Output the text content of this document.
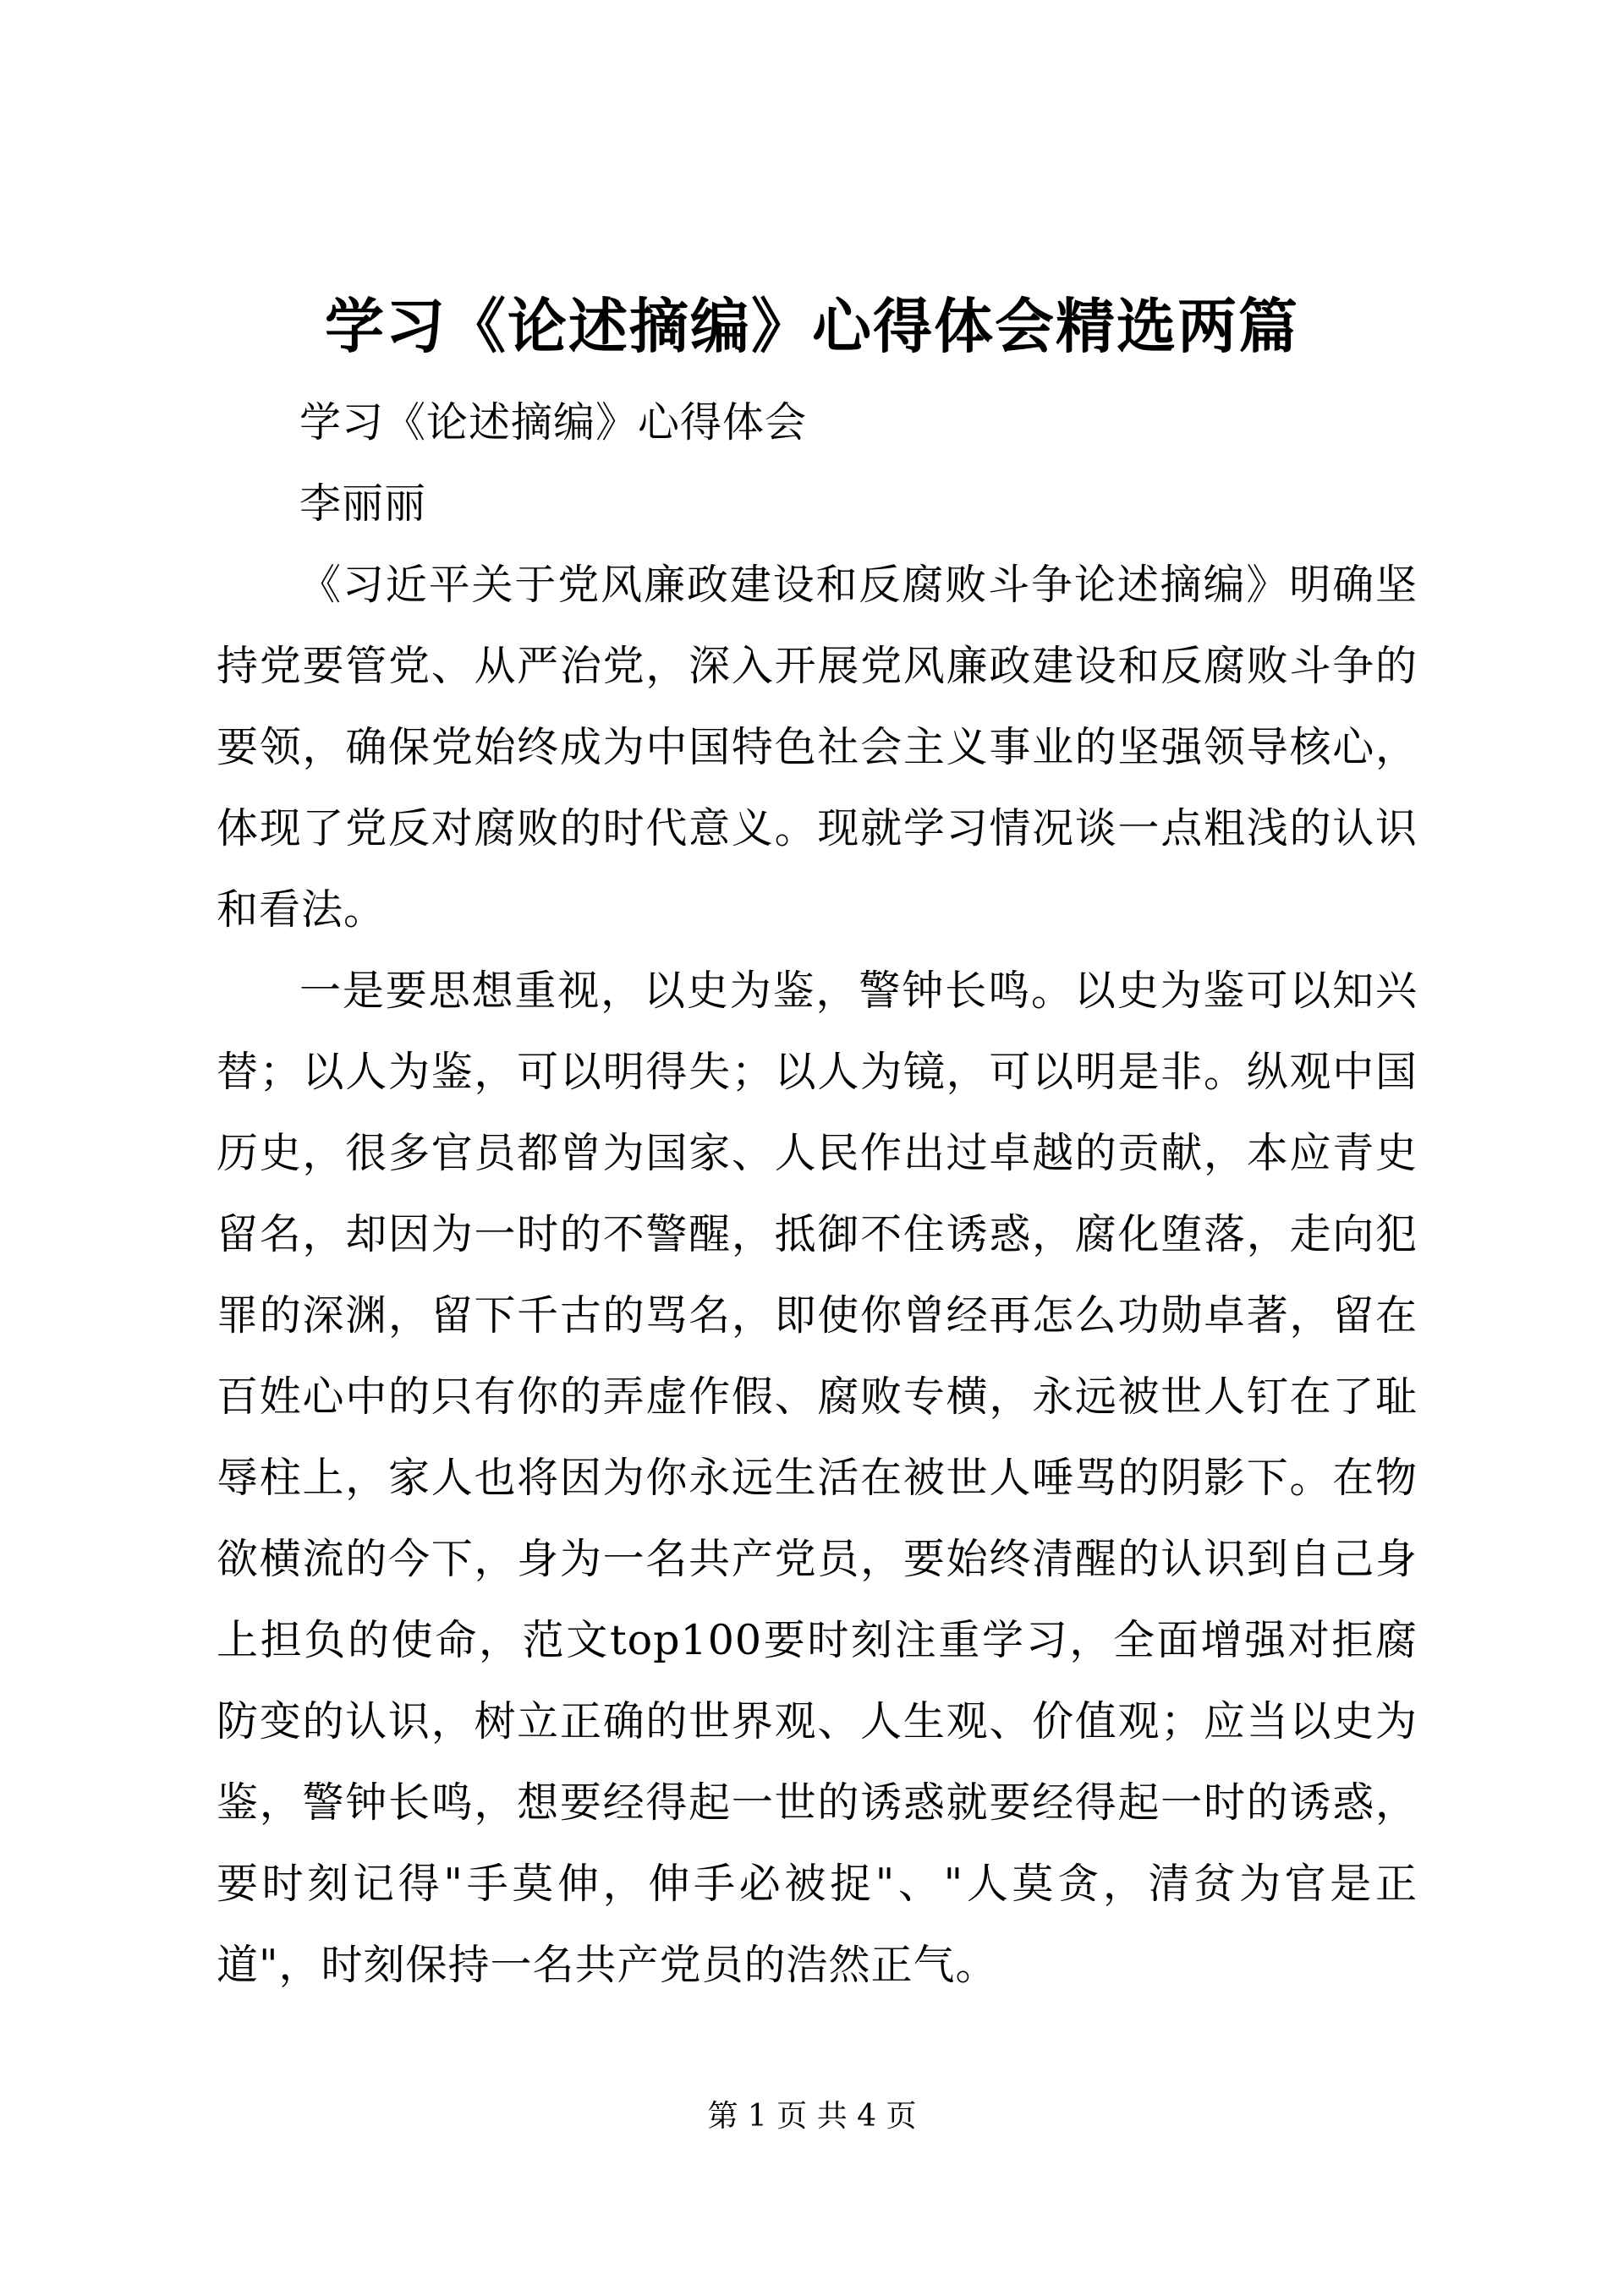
学习《论述摘编》心得体会精选两篇

学习《论述摘编》心得体会

李丽丽

《习近平关于党风廉政建设和反腐败斗争论述摘编》明确坚持党要管党、从严治党，深入开展党风廉政建设和反腐败斗争的要领，确保党始终成为中国特色社会主义事业的坚强领导核心，体现了党反对腐败的时代意义。现就学习情况谈一点粗浅的认识和看法。

一是要思想重视，以史为鉴，警钟长鸣。以史为鉴可以知兴替；以人为鉴，可以明得失；以人为镜，可以明是非。纵观中国历史，很多官员都曾为国家、人民作出过卓越的贡献，本应青史留名，却因为一时的不警醒，抵御不住诱惑，腐化堕落，走向犯罪的深渊，留下千古的骂名，即使你曾经再怎么功勋卓著，留在百姓心中的只有你的弄虚作假、腐败专横，永远被世人钉在了耻辱柱上，家人也将因为你永远生活在被世人唾骂的阴影下。在物欲横流的今下，身为一名共产党员，要始终清醒的认识到自己身上担负的使命，范文top100要时刻注重学习，全面增强对拒腐防变的认识，树立正确的世界观、人生观、价值观；应当以史为鉴，警钟长鸣，想要经得起一世的诱惑就要经得起一时的诱惑，要时刻记得"手莫伸，伸手必被捉"、"人莫贪，清贫为官是正道"，时刻保持一名共产党员的浩然正气。

第 1 页 共 4 页
